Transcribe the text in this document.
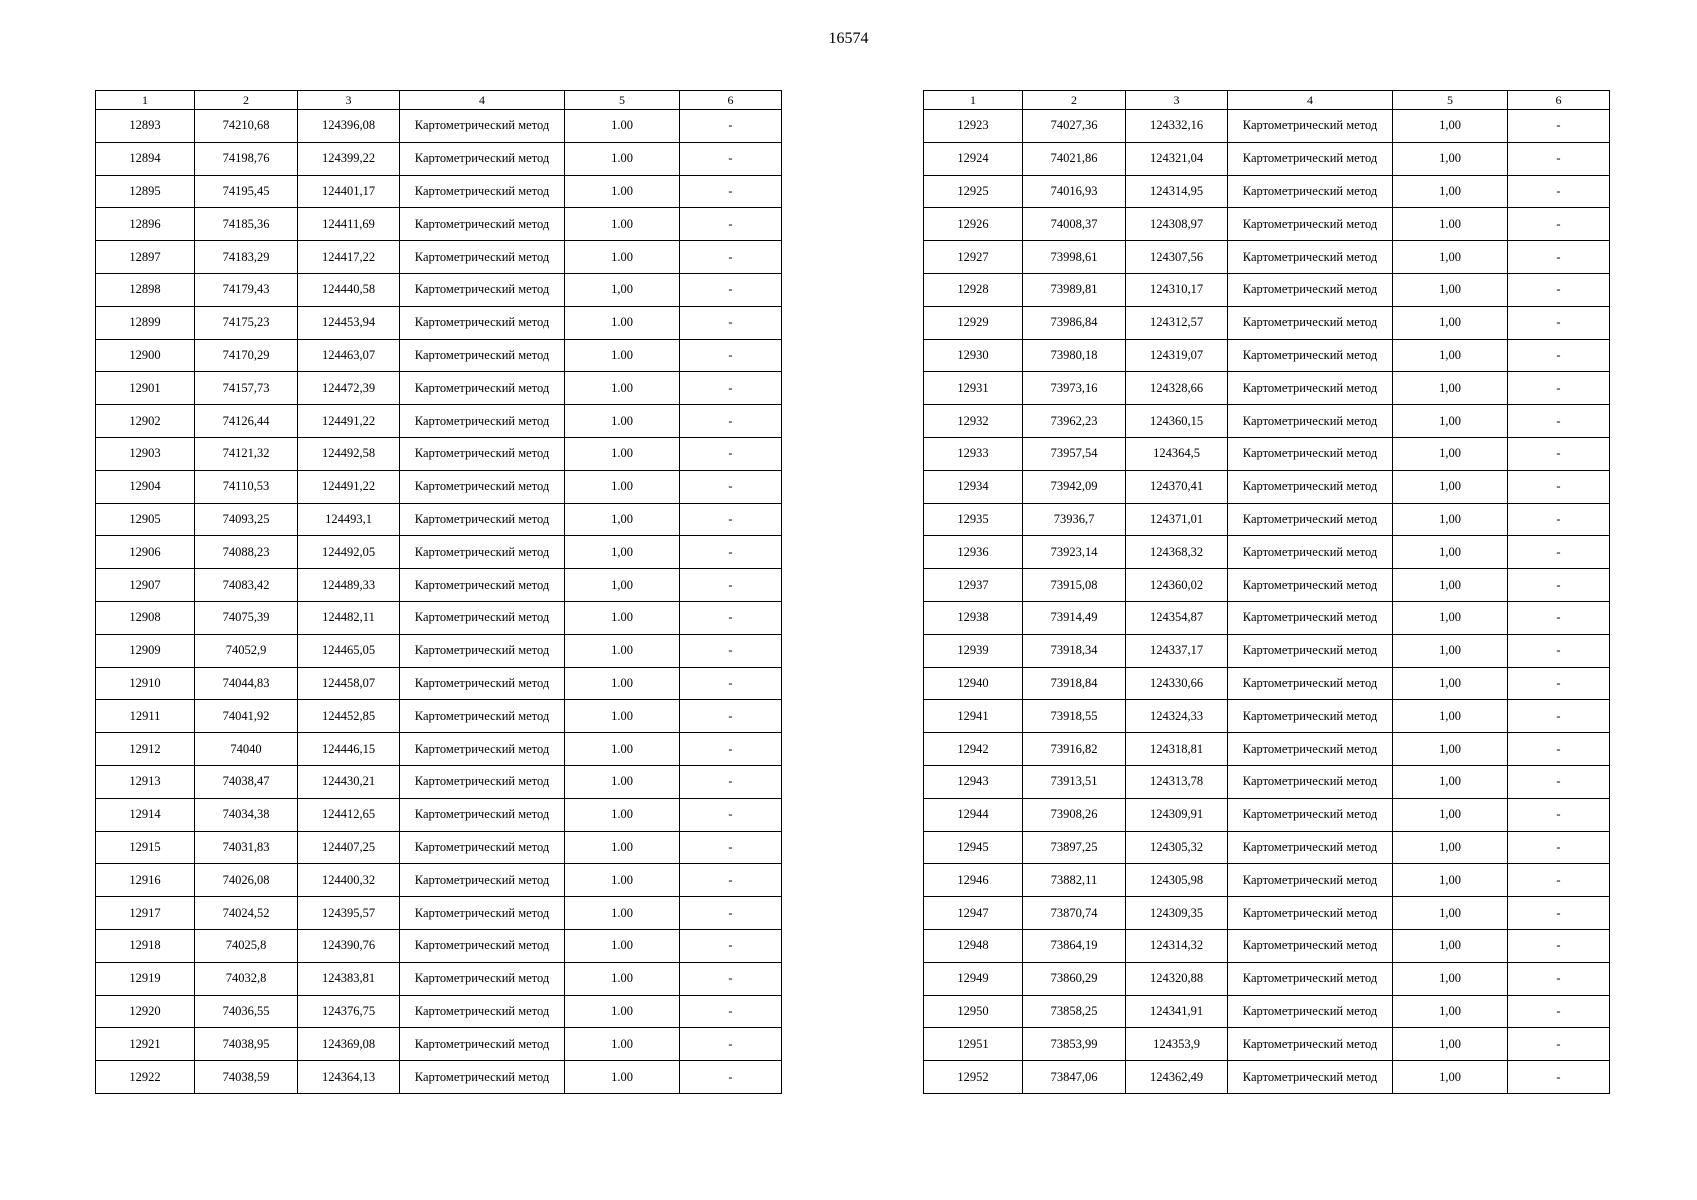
16574
1	2	3	4	5	6
12893	74210,68	124396,08	Картометрический метод	1.00	-
12894	74198,76	124399,22	Картометрический метод	1.00	-
12895	74195,45	124401,17	Картометрический метод	1.00	-
12896	74185,36	124411,69	Картометрический метод	1.00	-
12897	74183,29	124417,22	Картометрический метод	1.00	-
12898	74179,43	124440,58	Картометрический метод	1,00	-
12899	74175,23	124453,94	Картометрический метод	1.00	-
12900	74170,29	124463,07	Картометрический метод	1.00	-
12901	74157,73	124472,39	Картометрический метод	1.00	-
12902	74126,44	124491,22	Картометрический метод	1.00	-
12903	74121,32	124492,58	Картометрический метод	1.00	-
12904	74110,53	124491,22	Картометрический метод	1.00	-
12905	74093,25	124493,1	Картометрический метод	1,00	-
12906	74088,23	124492,05	Картометрический метод	1,00	-
12907	74083,42	124489,33	Картометрический метод	1,00	-
12908	74075,39	124482,11	Картометрический метод	1.00	-
12909	74052,9	124465,05	Картометрический метод	1.00	-
12910	74044,83	124458,07	Картометрический метод	1.00	-
12911	74041,92	124452,85	Картометрический метод	1.00	-
12912	74040	124446,15	Картометрический метод	1.00	-
12913	74038,47	124430,21	Картометрический метод	1.00	-
12914	74034,38	124412,65	Картометрический метод	1.00	-
12915	74031,83	124407,25	Картометрический метод	1.00	-
12916	74026,08	124400,32	Картометрический метод	1.00	-
12917	74024,52	124395,57	Картометрический метод	1.00	-
12918	74025,8	124390,76	Картометрический метод	1.00	-
12919	74032,8	124383,81	Картометрический метод	1.00	-
12920	74036,55	124376,75	Картометрический метод	1.00	-
12921	74038,95	124369,08	Картометрический метод	1.00	-
12922	74038,59	124364,13	Картометрический метод	1.00	-
1	2	3	4	5	6
12923	74027,36	124332,16	Картометрический метод	1,00	-
12924	74021,86	124321,04	Картометрический метод	1,00	-
12925	74016,93	124314,95	Картометрический метод	1,00	-
12926	74008,37	124308,97	Картометрический метод	1.00	-
12927	73998,61	124307,56	Картометрический метод	1,00	-
12928	73989,81	124310,17	Картометрический метод	1,00	-
12929	73986,84	124312,57	Картометрический метод	1,00	-
12930	73980,18	124319,07	Картометрический метод	1,00	-
12931	73973,16	124328,66	Картометрический метод	1,00	-
12932	73962,23	124360,15	Картометрический метод	1,00	-
12933	73957,54	124364,5	Картометрический метод	1,00	-
12934	73942,09	124370,41	Картометрический метод	1,00	-
12935	73936,7	124371,01	Картометрический метод	1,00	-
12936	73923,14	124368,32	Картометрический метод	1,00	-
12937	73915,08	124360,02	Картометрический метод	1,00	-
12938	73914,49	124354,87	Картометрический метод	1,00	-
12939	73918,34	124337,17	Картометрический метод	1,00	-
12940	73918,84	124330,66	Картометрический метод	1,00	-
12941	73918,55	124324,33	Картометрический метод	1,00	-
12942	73916,82	124318,81	Картометрический метод	1,00	-
12943	73913,51	124313,78	Картометрический метод	1,00	-
12944	73908,26	124309,91	Картометрический метод	1,00	-
12945	73897,25	124305,32	Картометрический метод	1,00	-
12946	73882,11	124305,98	Картометрический метод	1,00	-
12947	73870,74	124309,35	Картометрический метод	1,00	-
12948	73864,19	124314,32	Картометрический метод	1,00	-
12949	73860,29	124320,88	Картометрический метод	1,00	-
12950	73858,25	124341,91	Картометрический метод	1,00	-
12951	73853,99	124353,9	Картометрический метод	1,00	-
12952	73847,06	124362,49	Картометрический метод	1,00	-
